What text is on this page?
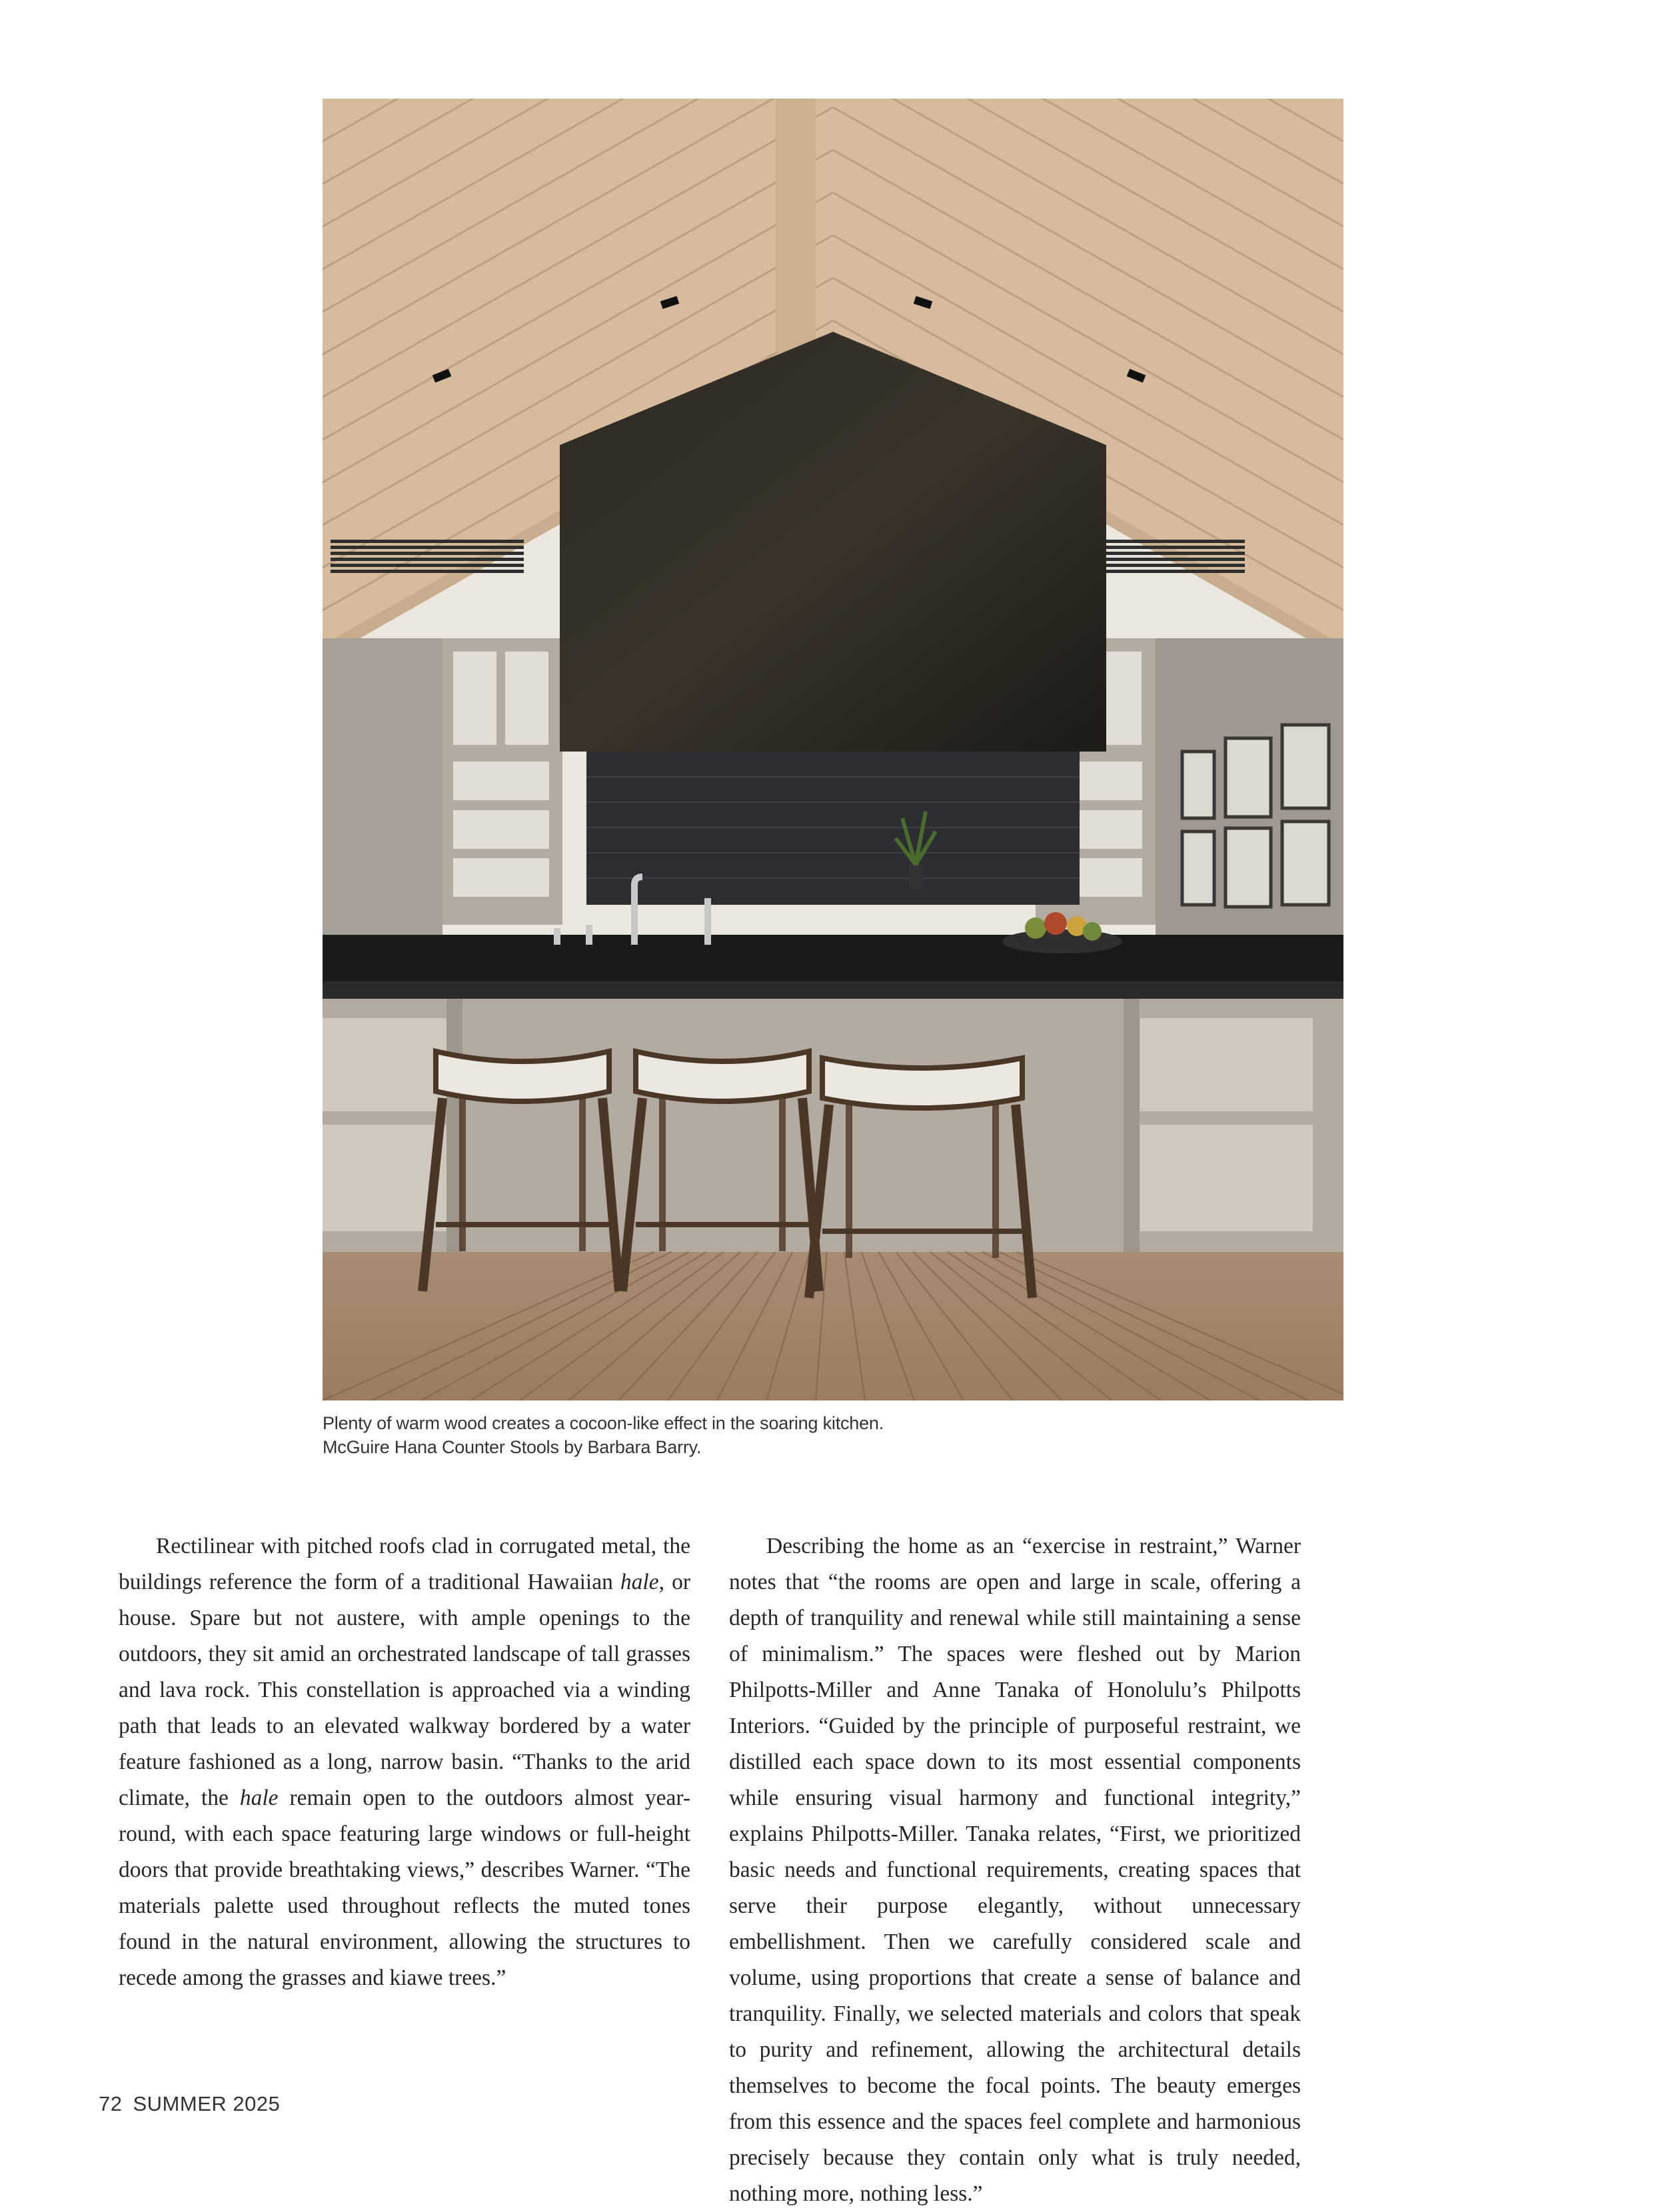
Plenty of warm wood creates a cocoon-like effect in the soaring kitchen.
McGuire Hana Counter Stools by Barbara Barry.

Rectilinear with pitched roofs clad in corrugated metal, the buildings reference the form of a traditional Hawaiian hale, or house. Spare but not austere, with ample openings to the outdoors, they sit amid an orchestrated landscape of tall grasses and lava rock. This constellation is approached via a winding path that leads to an elevated walkway bordered by a water feature fashioned as a long, narrow basin. “Thanks to the arid climate, the hale remain open to the outdoors almost year-round, with each space featuring large windows or full-height doors that provide breathtaking views,” describes Warner. “The materials palette used throughout reflects the muted tones found in the natural environment, allowing the structures to recede among the grasses and kiawe trees.”

Describing the home as an “exercise in restraint,” Warner notes that “the rooms are open and large in scale, offering a depth of tranquility and renewal while still maintaining a sense of minimalism.” The spaces were fleshed out by Marion Philpotts-Miller and Anne Tanaka of Honolulu’s Philpotts Interiors. “Guided by the principle of purposeful restraint, we distilled each space down to its most essential components while ensuring visual harmony and functional integrity,” explains Philpotts-Miller. Tanaka relates, “First, we prioritized basic needs and functional requirements, creating spaces that serve their purpose elegantly, without unnecessary embellishment. Then we carefully considered scale and volume, using proportions that create a sense of balance and tranquility. Finally, we selected materials and colors that speak to purity and refinement, allowing the architectural details themselves to become the focal points. The beauty emerges from this essence and the spaces feel complete and harmonious precisely because they contain only what is truly needed, nothing more, nothing less.”

72 SUMMER 2025
